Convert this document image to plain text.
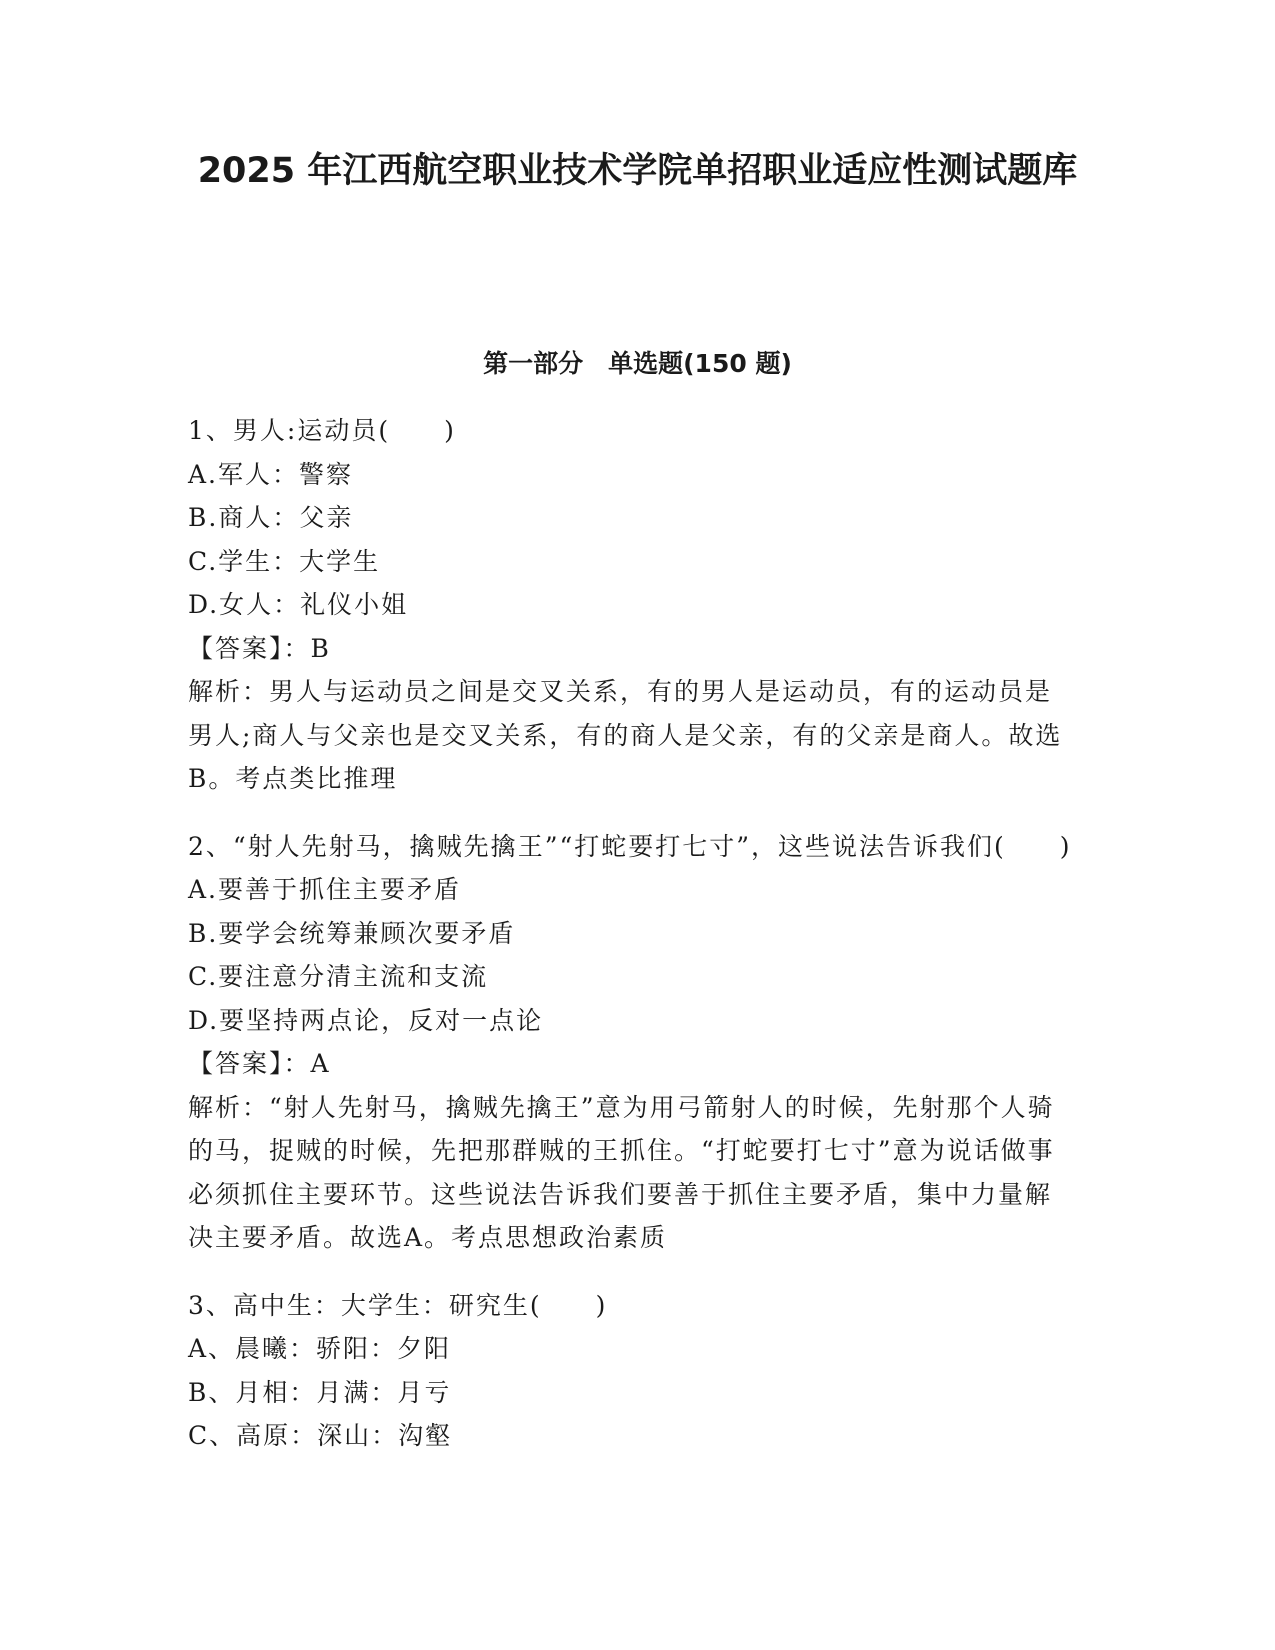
2025 年江西航空职业技术学院单招职业适应性测试题库
第一部分　单选题(150 题)
1、男人:运动员(　　)
A.军人：警察
B.商人：父亲
C.学生：大学生
D.女人：礼仪小姐
【答案】：B
解析：男人与运动员之间是交叉关系，有的男人是运动员，有的运动员是男人;商人与父亲也是交叉关系，有的商人是父亲，有的父亲是商人。故选B。考点类比推理
2、“射人先射马，擒贼先擒王”“打蛇要打七寸”，这些说法告诉我们(　　)
A.要善于抓住主要矛盾
B.要学会统筹兼顾次要矛盾
C.要注意分清主流和支流
D.要坚持两点论，反对一点论
【答案】：A
解析：“射人先射马，擒贼先擒王”意为用弓箭射人的时候，先射那个人骑的马，捉贼的时候，先把那群贼的王抓住。“打蛇要打七寸”意为说话做事必须抓住主要环节。这些说法告诉我们要善于抓住主要矛盾，集中力量解决主要矛盾。故选A。考点思想政治素质
3、高中生：大学生：研究生(　　)
A、晨曦：骄阳：夕阳
B、月相：月满：月亏
C、高原：深山：沟壑
